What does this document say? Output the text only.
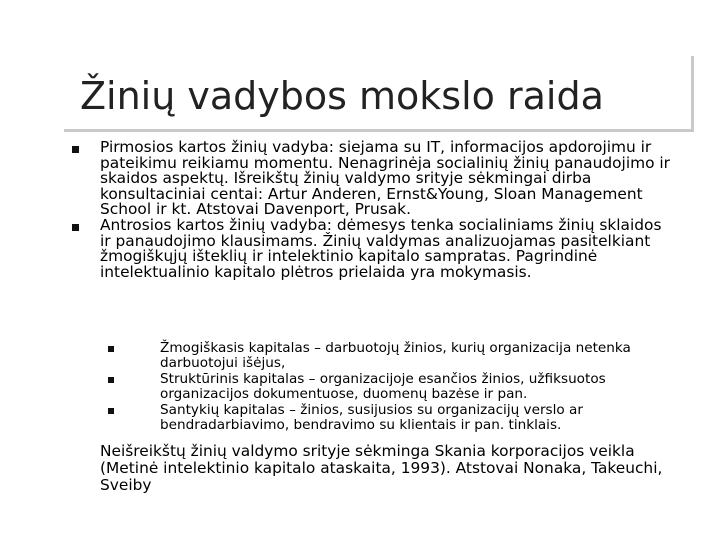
Žinių vadybos mokslo raida
Pirmosios kartos žinių vadyba: siejama su IT, informacijos apdorojimu ir pateikimu reikiamu momentu. Nenagrinėja socialinių žinių panaudojimo ir skaidos aspektų. Išreikštų žinių valdymo srityje sėkmingai dirba konsultaciniai centai: Artur Anderen, Ernst&Young, Sloan Management School ir kt. Atstovai Davenport, Prusak.
Antrosios kartos žinių vadyba: dėmesys tenka socialiniams žinių sklaidos ir panaudojimo klausimams. Žinių valdymas analizuojamas pasitelkiant žmogiškųjų išteklių ir intelektinio kapitalo sampratas. Pagrindinė intelektualinio kapitalo plėtros prielaida yra mokymasis.
Žmogiškasis kapitalas – darbuotojų žinios, kurių organizacija netenka darbuotojui išėjus,
Struktūrinis kapitalas – organizacijoje esančios žinios, užfiksuotos organizacijos dokumentuose, duomenų bazėse ir pan.
Santykių kapitalas – žinios, susijusios su organizacijų verslo ar bendradarbiavimo, bendravimo su klientais ir pan. tinklais.
Neišreikštų žinių valdymo srityje sėkminga Skania korporacijos veikla (Metinė intelektinio kapitalo ataskaita, 1993). Atstovai Nonaka, Takeuchi, Sveiby
